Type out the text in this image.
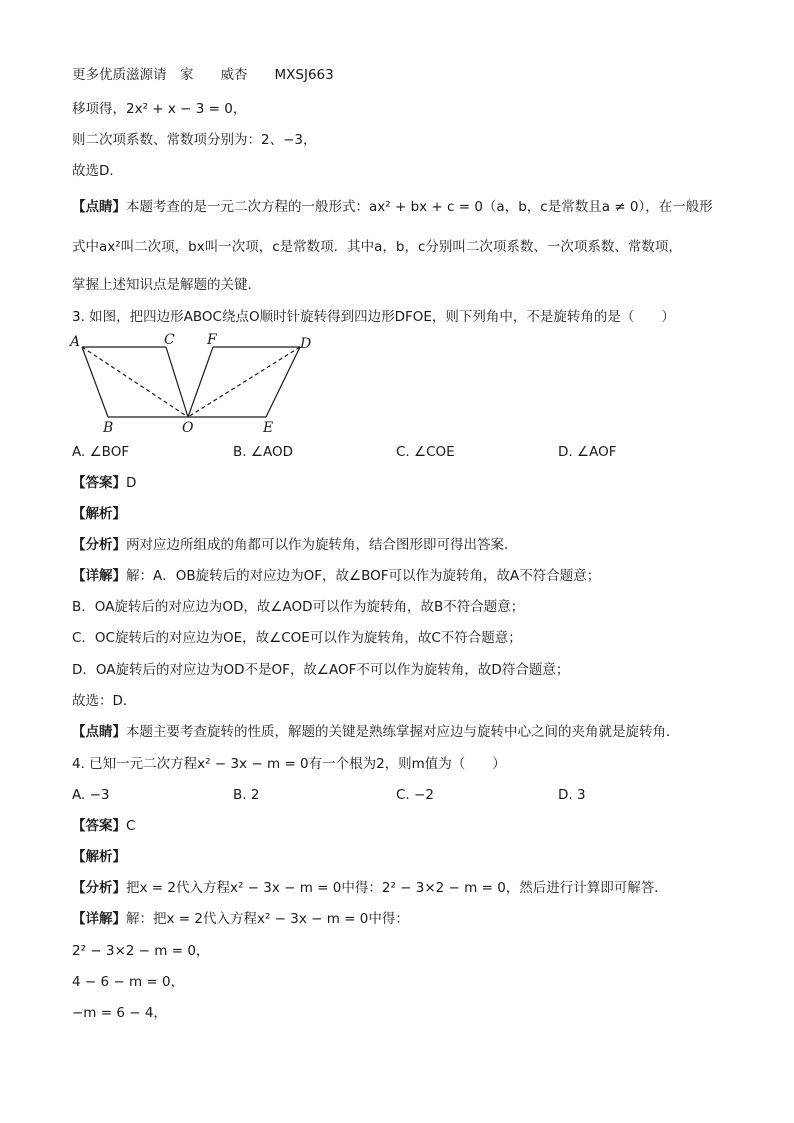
更多优质滋源请　家　　威杏　　MXSJ663
移项得，2x² + x − 3 = 0，
则二次项系数、常数项分别为：2、−3，
故选D．
【点睛】本题考查的是一元二次方程的一般形式：ax² + bx + c = 0（a，b，c是常数且a ≠ 0），在一般形
式中ax²叫二次项，bx叫一次项，c是常数项．其中a，b，c分别叫二次项系数、一次项系数、常数项，
掌握上述知识点是解题的关键．
3. 如图，把四边形ABOC绕点O顺时针旋转得到四边形DFOE，则下列角中，不是旋转角的是（　　）
A	C F	D
B	O	E
A. ∠BOF	B. ∠AOD	C. ∠COE	D. ∠AOF
【答案】D
【解析】
【分析】两对应边所组成的角都可以作为旋转角，结合图形即可得出答案．
【详解】解：A．OB旋转后的对应边为OF，故∠BOF可以作为旋转角，故A不符合题意；
B．OA旋转后的对应边为OD，故∠AOD可以作为旋转角，故B不符合题意；
C．OC旋转后的对应边为OE，故∠COE可以作为旋转角，故C不符合题意；
D．OA旋转后的对应边为OD不是OF，故∠AOF不可以作为旋转角，故D符合题意；
故选：D．
【点睛】本题主要考查旋转的性质，解题的关键是熟练掌握对应边与旋转中心之间的夹角就是旋转角．
4. 已知一元二次方程x² − 3x − m = 0有一个根为2，则m值为（　　）
A. −3	B. 2	C. −2	D. 3
【答案】C
【解析】
【分析】把x = 2代入方程x² − 3x − m = 0中得：2² − 3×2 − m = 0，然后进行计算即可解答．
【详解】解：把x = 2代入方程x² − 3x − m = 0中得：
2² − 3×2 − m = 0，
4 − 6 − m = 0，
−m = 6 − 4，
